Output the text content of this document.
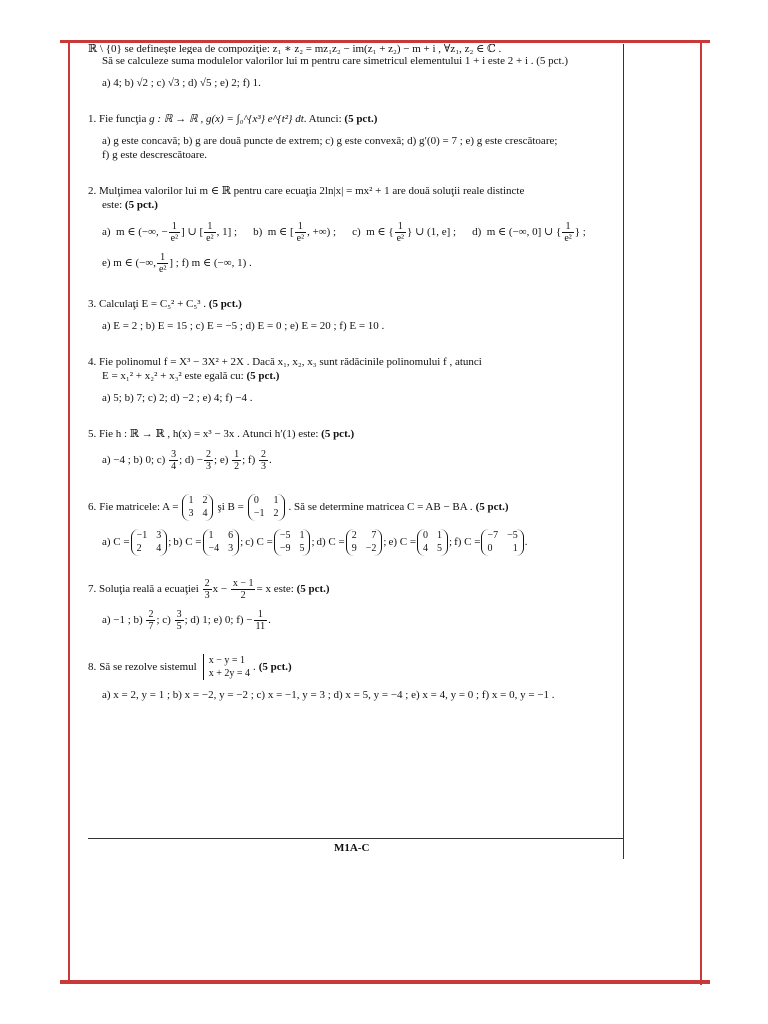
ℝ \ {0} se defineşte legea de compoziţie: z₁ ∗ z₂ = mz₁z₂ − im(z₁ + z₂) − m + i , ∀z₁, z₂ ∈ ℂ .
Să se calculeze suma modulelor valorilor lui m pentru care simetricul elementului 1 + i este 2 + i . (5 pct.)
a) 4; b) √2 ; c) √3 ; d) √5 ; e) 2; f) 1.
1. Fie funcţia g : ℝ → ℝ , g(x) = ∫₀^{x³} e^{t²} dt. Atunci: (5 pct.)
a) g este concavă; b) g are două puncte de extrem; c) g este convexă; d) g′(0) = 7 ; e) g este crescătoare;
f) g este descrescătoare.
2. Mulţimea valorilor lui m ∈ ℝ pentru care ecuaţia 2ln|x| = mx² + 1 are două soluţii reale distincte
este: (5 pct.)
a) m ∈ (−∞, − $\frac{1}{\text{e²}}$ ] ∪ [ $\frac{1}{\text{e²}}$ , 1] ; b) m ∈ [ $\frac{1}{\text{e²}}$ , +∞) ; c) m ∈ { $\frac{1}{\text{e²}}$ } ∪ (1, e] ; d) m ∈ (−∞, 0] ∪ { $\frac{1}{\text{e²}}$ } ;
e) m ∈ (−∞, $\frac{1}{\text{e²}}$ ] ; f) m ∈ (−∞, 1) .
3. Calculaţi E = C₅² + C₅³ . (5 pct.)
a) E = 2 ; b) E = 15 ; c) E = −5 ; d) E = 0 ; e) E = 20 ; f) E = 10 .
4. Fie polinomul f = X³ − 3X² + 2X . Dacă x₁, x₂, x₃ sunt rădăcinile polinomului f , atunci
E = x₁² + x₂² + x₃² este egală cu: (5 pct.)
a) 5; b) 7; c) 2; d) −2 ; e) 4; f) −4 .
5. Fie h : ℝ → ℝ , h(x) = x³ − 3x . Atunci h′(1) este: (5 pct.)
a) −4 ; b) 0; $c) \frac{3}{4}$ ; $d) - \frac{2}{3}$ ; $e) \frac{1}{2}$ ; $f) \frac{2}{3}$ .
6. Fie matricele: A =
1 2
3 4 şi B =
0 1
−1 2 . Să se determine matricea C = AB − BA . (5 pct.)
a) C =
−1 3
2 4 ; b) C =
1 6
−4 3 ; c) C =
−5 1
−9 5 ; d) C =
2 7
9 −2 ; e) C =
0 1
4 5 ; f) C =
−7 −5
0 1 .
7. Soluţia reală a ecuaţiei $\frac{2}{3}$ $x - \frac{x - 1}{2} = x$ este: (5 pct.)
a) −1 ; $b) \frac{2}{7}$ ; $c) \frac{3}{5}$ ; d) 1; e) 0; $f) - \frac{1}{11}$ .
8. Să se rezolve sistemul
x − y = 1
x + 2y = 4
. (5 pct.)
a) x = 2, y = 1 ; b) x = −2, y = −2 ; c) x = −1, y = 3 ; d) x = 5, y = −4 ; e) x = 4, y = 0 ; f) x = 0, y = −1 .
M1A-C
